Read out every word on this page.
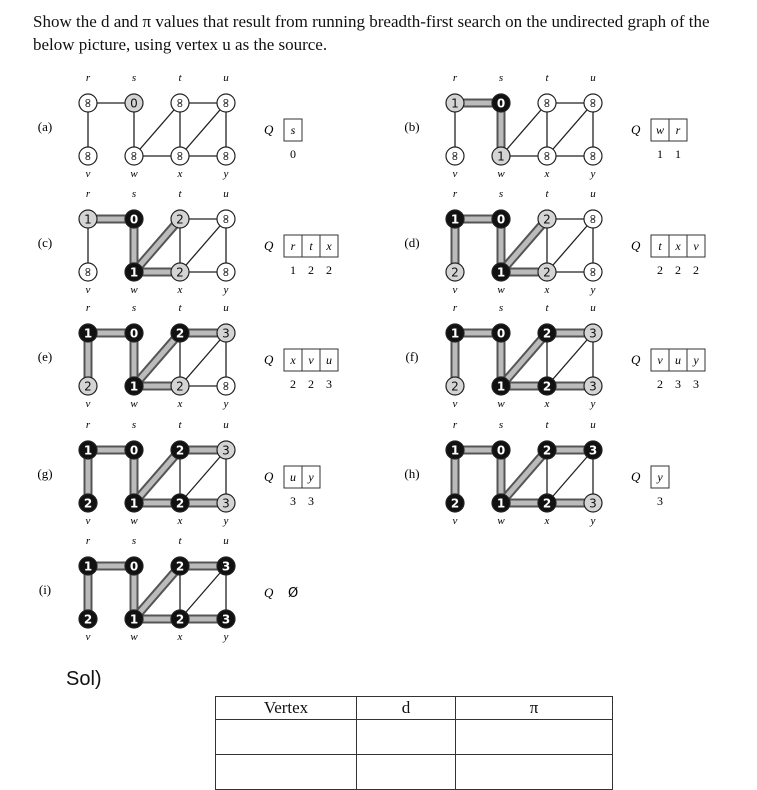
Show the d and π values that result from running breadth-first search on the undirected graph of the below picture, using vertex u as the source.
(a)
∞
r
0
s
∞
t
∞
u
∞
v
∞
w
∞
x
∞
y
Q s
0
(b)
1
r
0
s
∞
t
∞
u
∞
v
1
w
∞
x
∞
y
Q w
1
r
1
(c)
1
r
0
s
2
t
∞
u
∞
v
1
w
2
x
∞
y
Q r
1
t
2
x
2
(d)
1
r
0
s
2
t
∞
u
2
v
1
w
2
x
∞
y
Q t
2
x
2
v
2
(e)
1
r
0
s
2
t
3
u
2
v
1
w
2
x
∞
y
Q x
2
v
2
u
3
(f)
1
r
0
s
2
t
3
u
2
v
1
w
2
x
3
y
Q v
2
u
3
y
3
(g)
1
r
0
s
2
t
3
u
2
v
1
w
2
x
3
y
Q u
3
y
3
(h)
1
r
0
s
2
t
3
u
2
v
1
w
2
x
3
y
Q y
3
(i)
1
r
0
s
2
t
3
u
2
v
1
w
2
x
3
y
Q Ø
Sol)
Vertex	d	π
